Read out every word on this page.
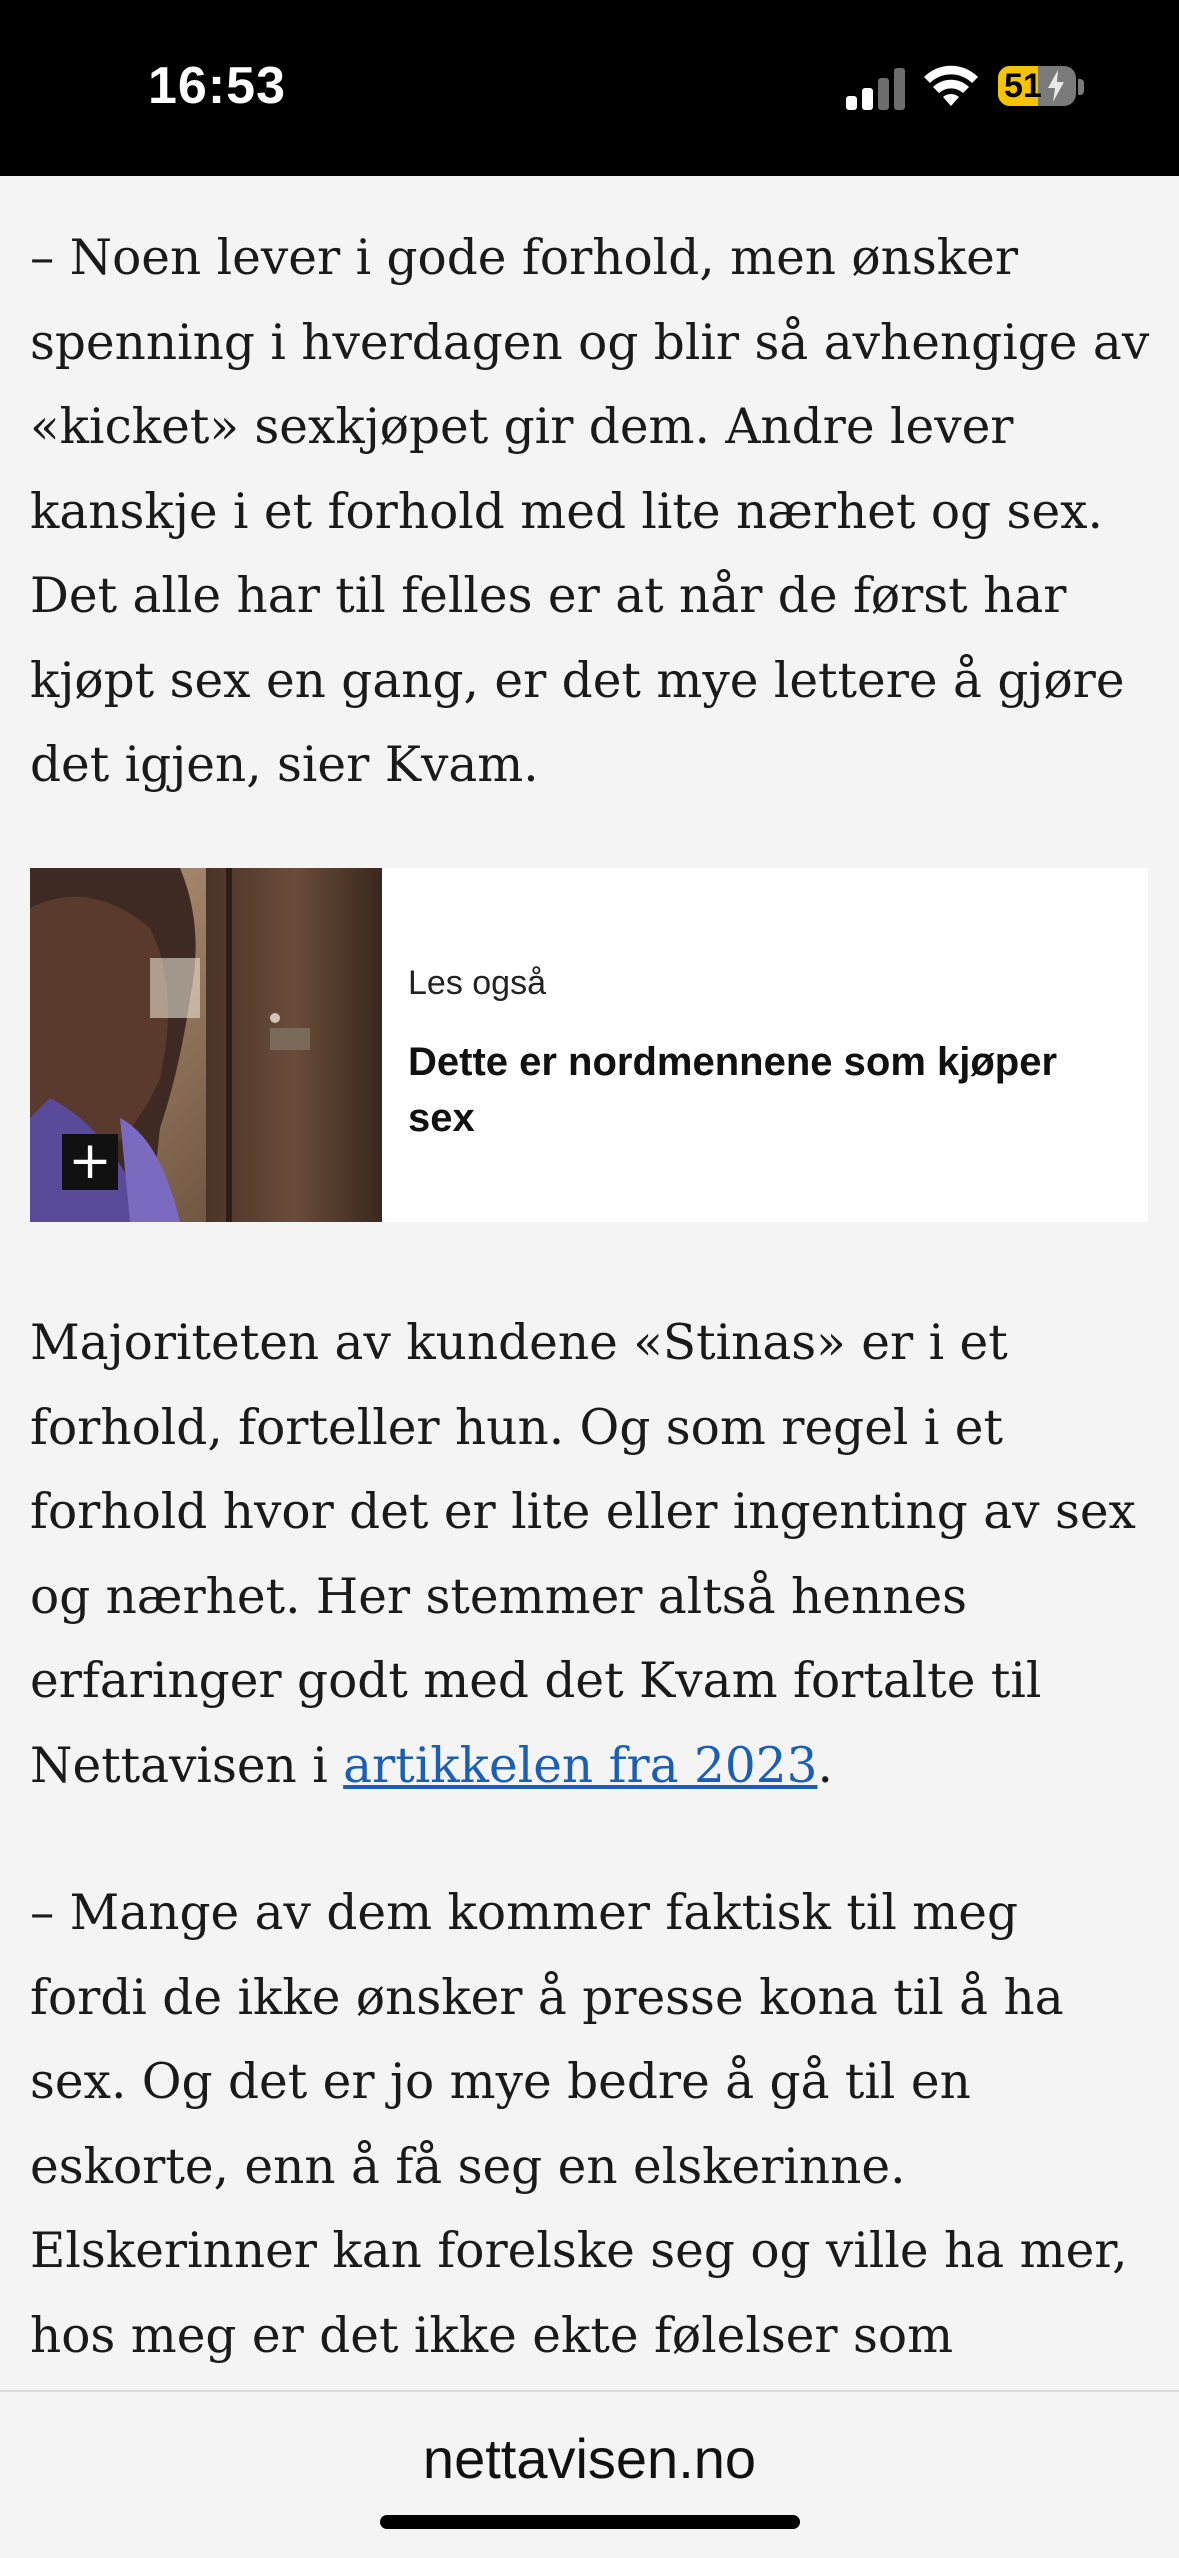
16:53	51

– Noen lever i gode forhold, men ønsker spenning i hverdagen og blir så avhengige av «kicket» sexkjøpet gir dem. Andre lever kanskje i et forhold med lite nærhet og sex. Det alle har til felles er at når de først har kjøpt sex en gang, er det mye lettere å gjøre det igjen, sier Kvam.

+
Les også
Dette er nordmennene som kjøper sex

Majoriteten av kundene «Stinas» er i et forhold, forteller hun. Og som regel i et forhold hvor det er lite eller ingenting av sex og nærhet. Her stemmer altså hennes erfaringer godt med det Kvam fortalte til Nettavisen i artikkelen fra 2023.

– Mange av dem kommer faktisk til meg fordi de ikke ønsker å presse kona til å ha sex. Og det er jo mye bedre å gå til en eskorte, enn å få seg en elskerinne. Elskerinner kan forelske seg og ville ha mer, hos meg er det ikke ekte følelser som

nettavisen.no
